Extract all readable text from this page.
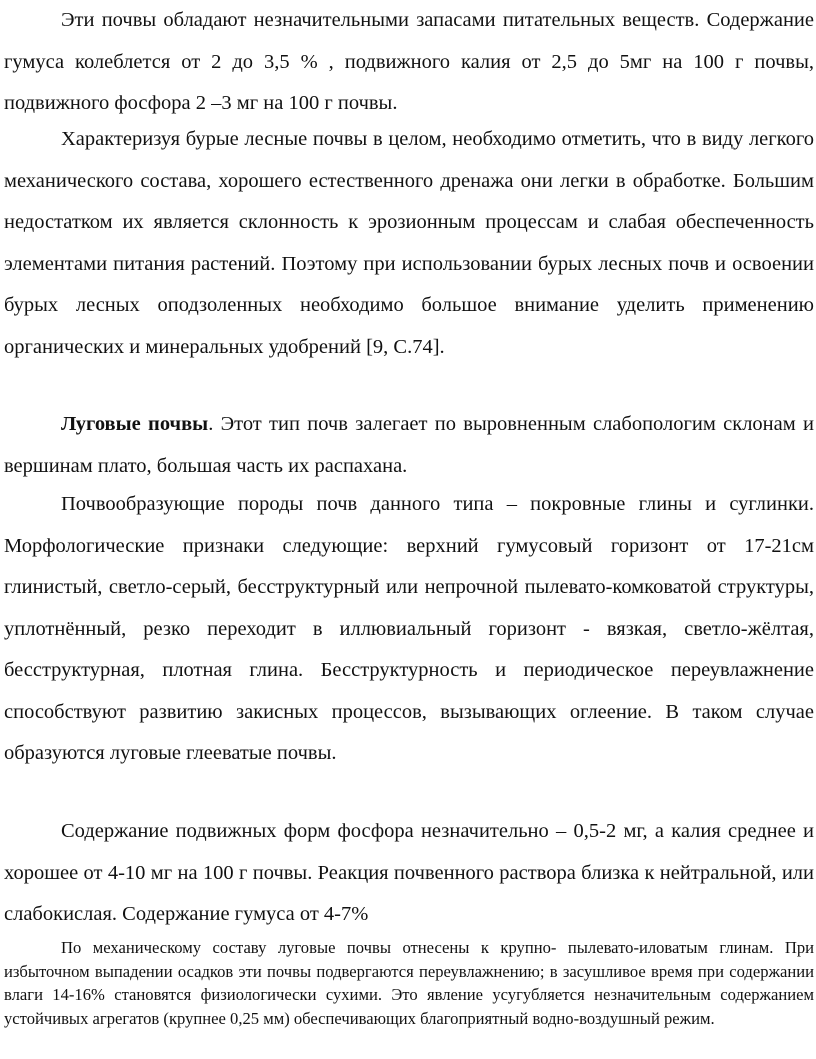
Эти почвы обладают незначительными запасами питательных веществ. Содержание гумуса колеблется от 2 до 3,5 % , подвижного калия от 2,5 до 5мг на 100 г почвы, подвижного фосфора 2 –3 мг на 100 г почвы.

Характеризуя бурые лесные почвы в целом, необходимо отметить, что в виду легкого механического состава, хорошего естественного дренажа они легки в обработке. Большим недостатком их является склонность к эрозионным процессам и слабая обеспеченность элементами питания растений. Поэтому при использовании бурых лесных почв и освоении бурых лесных оподзоленных необходимо большое внимание уделить применению органических и минеральных удобрений [9, С.74].

Луговые почвы. Этот тип почв залегает по выровненным слабопологим склонам и вершинам плато, большая часть их распахана.

Почвообразующие породы почв данного типа – покровные глины и суглинки. Морфологические признаки следующие: верхний гумусовый горизонт от 17-21см глинистый, светло-серый, бесструктурный или непрочной пылевато-комковатой структуры, уплотнённый, резко переходит в иллювиальный горизонт - вязкая, светло-жёлтая, бесструктурная, плотная глина. Бесструктурность и периодическое переувлажнение способствуют развитию закисных процессов, вызывающих оглеение. В таком случае образуются луговые глееватые почвы.

Содержание подвижных форм фосфора незначительно – 0,5-2 мг, а калия среднее и хорошее от 4-10 мг на 100 г почвы. Реакция почвенного раствора близка к нейтральной, или слабокислая. Содержание гумуса от 4-7%

По механическому составу луговые почвы отнесены к крупно- пылевато-иловатым глинам. При избыточном выпадении осадков эти почвы подвергаются переувлажнению; в засушливое время при содержании влаги 14-16% становятся физиологически сухими. Это явление усугубляется незначительным содержанием устойчивых агрегатов (крупнее 0,25 мм) обеспечивающих благоприятный водно-воздушный режим.
